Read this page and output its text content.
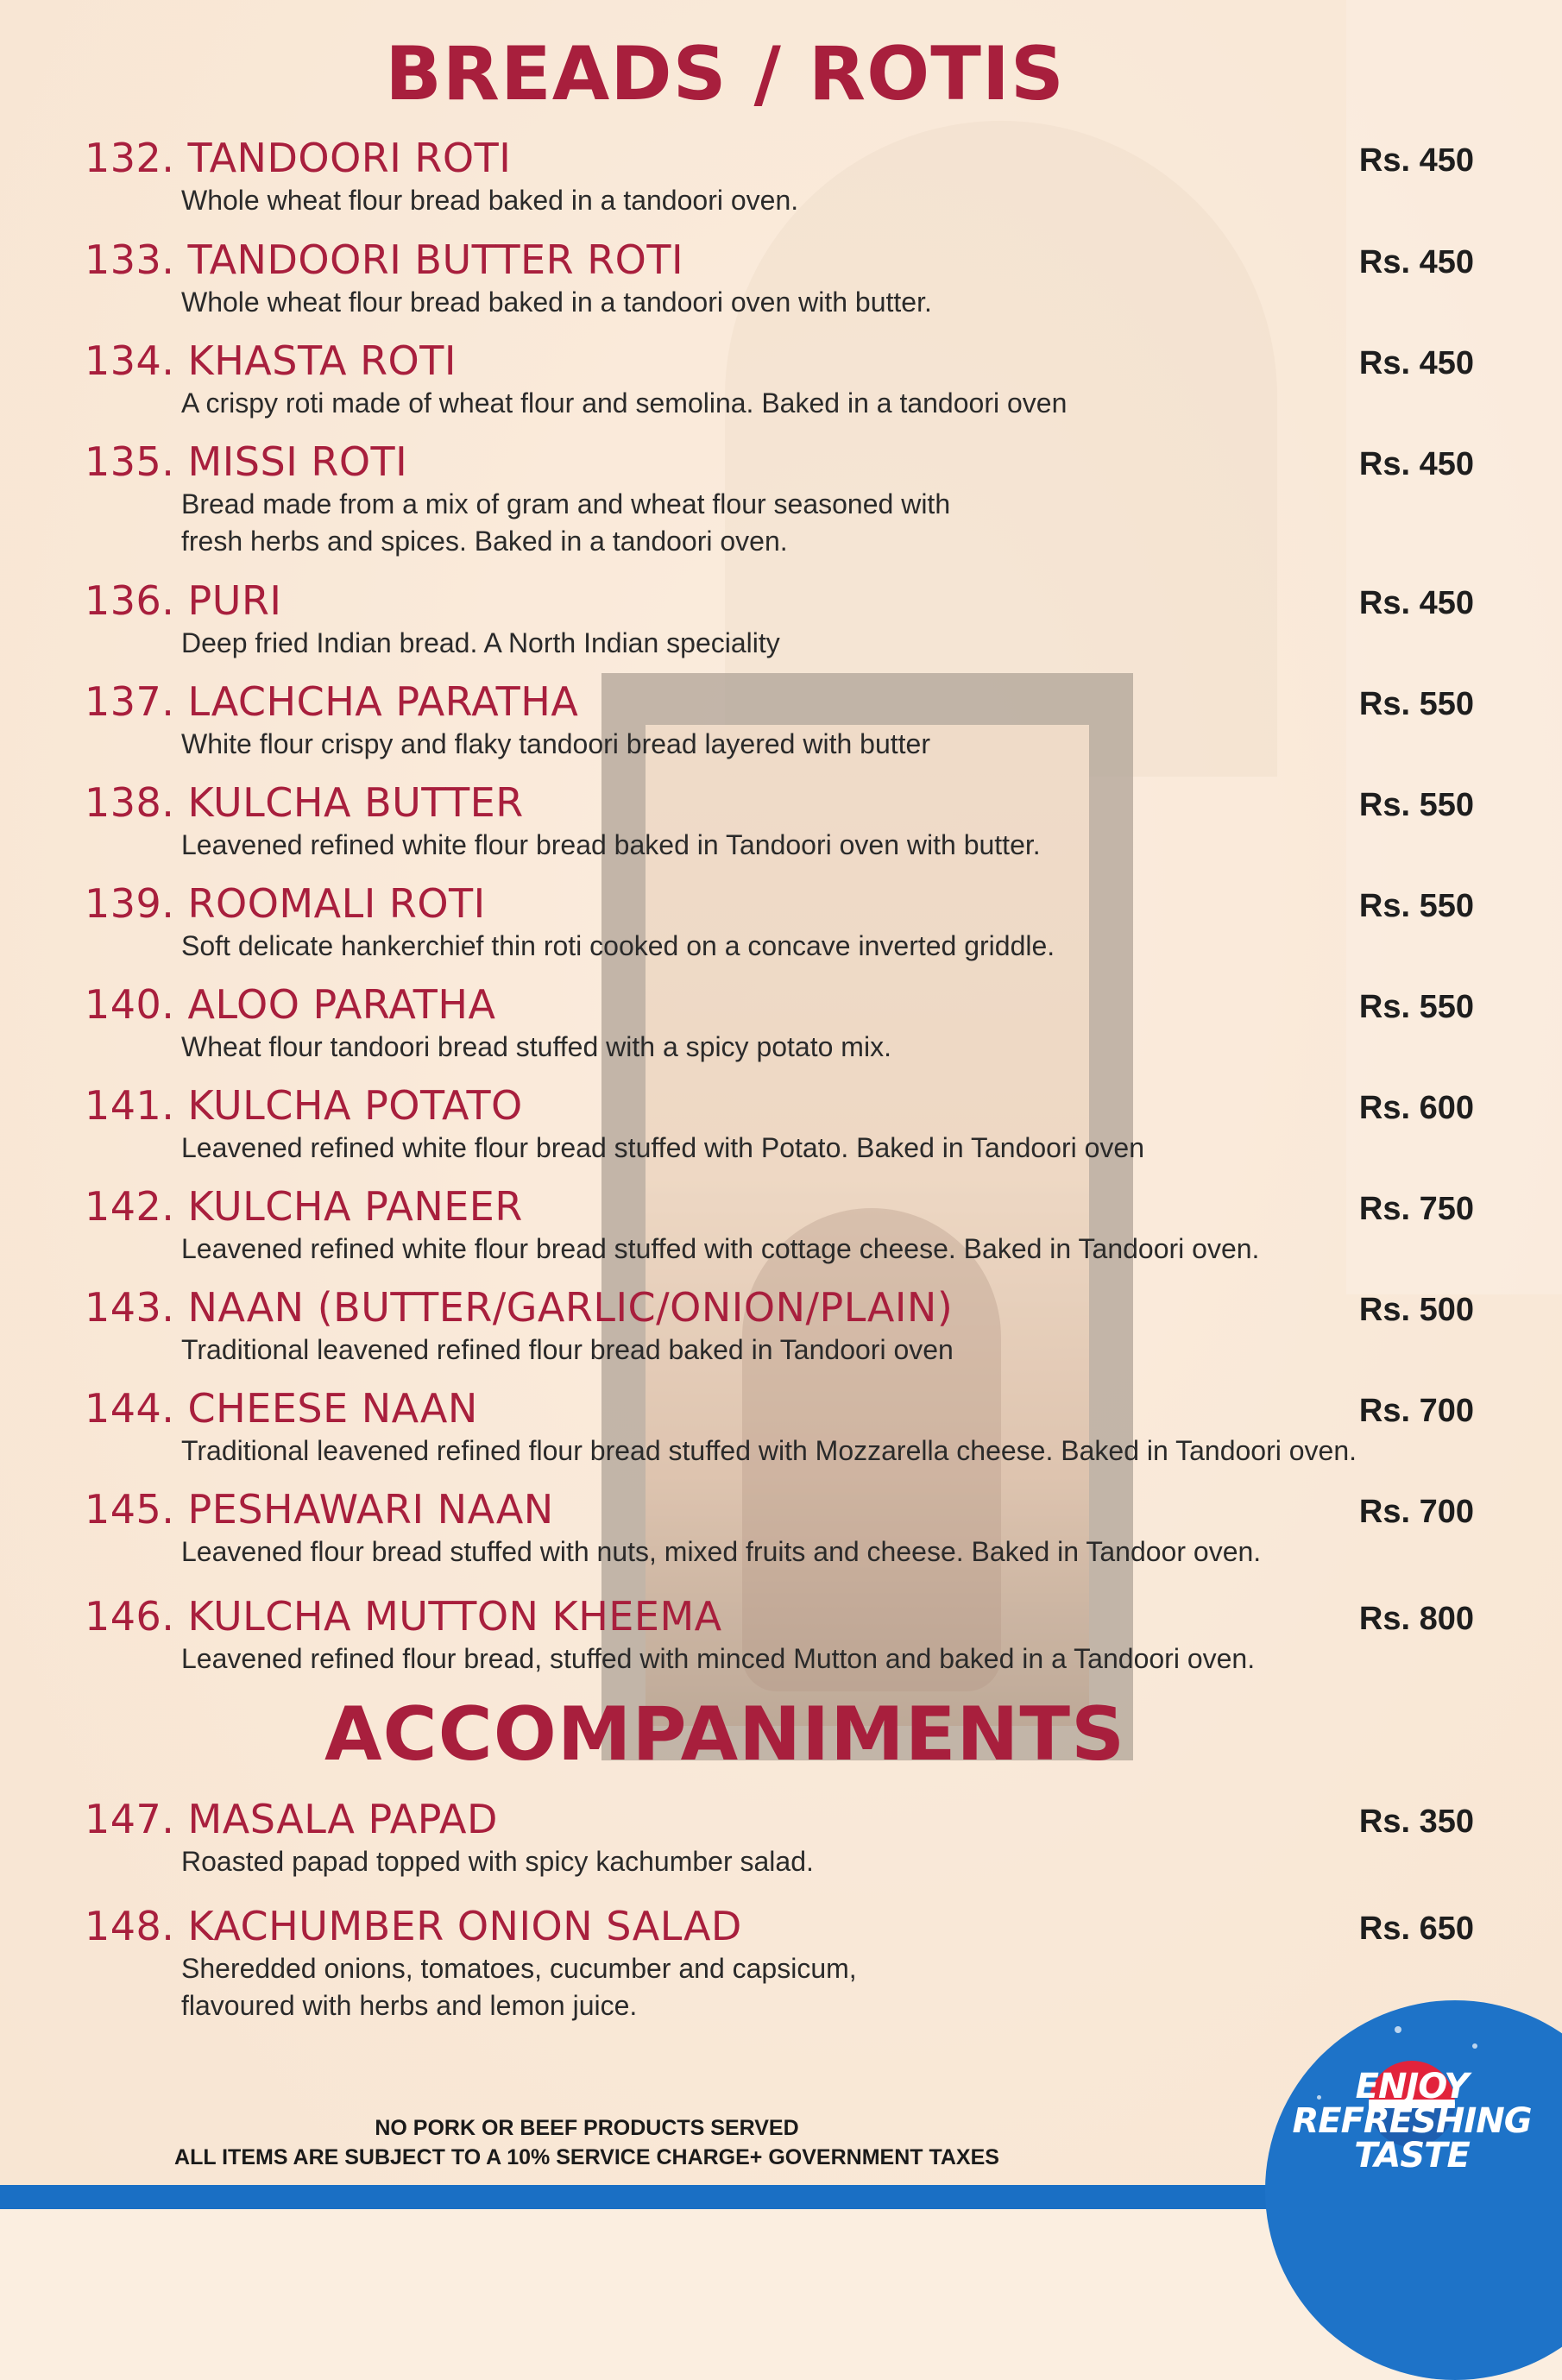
BREADS / ROTIS
132. TANDOORI ROTI	Rs. 450
Whole wheat flour bread baked in a tandoori oven.
133. TANDOORI BUTTER ROTI	Rs. 450
Whole wheat flour bread baked in a tandoori oven with butter.
134. KHASTA ROTI	Rs. 450
A crispy roti made of wheat flour and semolina. Baked in a tandoori oven
135. MISSI ROTI	Rs. 450
Bread made from a mix of gram and wheat flour seasoned with
fresh herbs and spices. Baked in a tandoori oven.
136. PURI	Rs. 450
Deep fried Indian bread. A North Indian speciality
137. LACHCHA PARATHA	Rs. 550
White flour crispy and flaky tandoori bread layered with butter
138. KULCHA BUTTER	Rs. 550
Leavened refined white flour bread baked in Tandoori oven with butter.
139. ROOMALI ROTI	Rs. 550
Soft delicate hankerchief thin roti cooked on a concave inverted griddle.
140. ALOO PARATHA	Rs. 550
Wheat flour tandoori bread stuffed with a spicy potato mix.
141. KULCHA POTATO	Rs. 600
Leavened refined white flour bread stuffed with Potato. Baked in Tandoori oven
142. KULCHA PANEER	Rs. 750
Leavened refined white flour bread stuffed with cottage cheese. Baked in Tandoori oven.
143. NAAN (BUTTER/GARLIC/ONION/PLAIN)	Rs. 500
Traditional leavened refined flour bread baked in Tandoori oven
144. CHEESE NAAN	Rs. 700
Traditional leavened refined flour bread stuffed with Mozzarella cheese. Baked in Tandoori oven.
145. PESHAWARI NAAN	Rs. 700
Leavened flour bread stuffed with nuts, mixed fruits and cheese. Baked in Tandoor oven.
146. KULCHA MUTTON KHEEMA	Rs. 800
Leavened refined flour bread, stuffed with minced Mutton and baked in a Tandoori oven.
ACCOMPANIMENTS
147. MASALA PAPAD	Rs. 350
Roasted papad topped with spicy kachumber salad.
148. KACHUMBER ONION SALAD	Rs. 650
Sheredded onions, tomatoes, cucumber and capsicum,
flavoured with herbs and lemon juice.
NO PORK OR BEEF PRODUCTS SERVED
ALL ITEMS ARE SUBJECT TO A 10% SERVICE CHARGE+ GOVERNMENT TAXES
ENJOY
REFRESHING
TASTE
